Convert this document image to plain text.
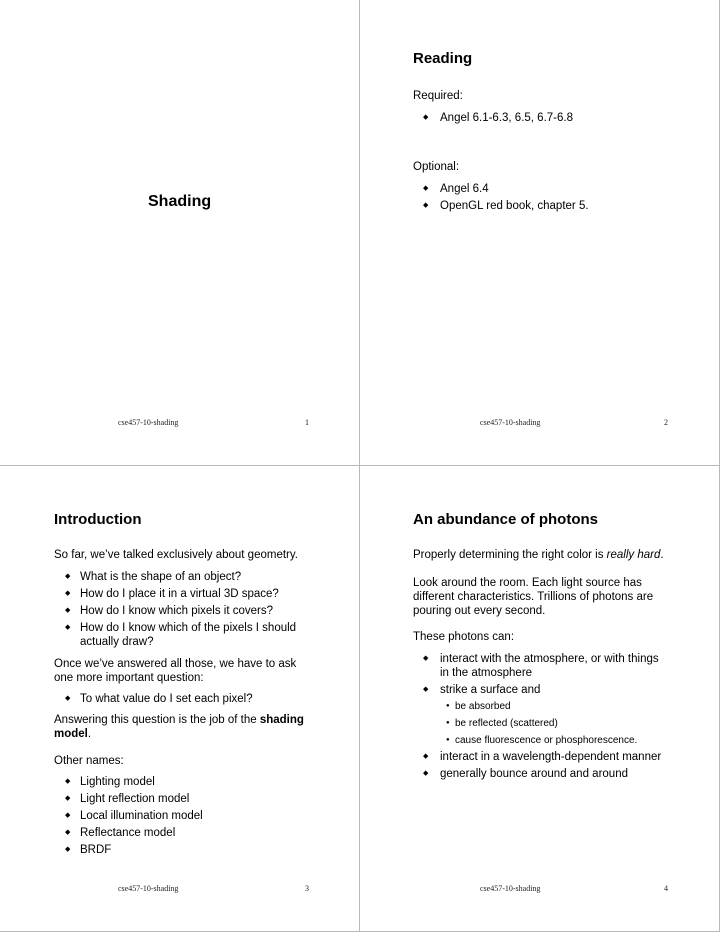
Shading
cse457-10-shading	1
Reading
Required:
◆ Angel 6.1-6.3, 6.5, 6.7-6.8
Optional:
◆ Angel 6.4
◆ OpenGL red book, chapter 5.
cse457-10-shading	2
Introduction
So far, we’ve talked exclusively about geometry.
◆ What is the shape of an object?
◆ How do I place it in a virtual 3D space?
◆ How do I know which pixels it covers?
◆ How do I know which of the pixels I should
actually draw?
Once we’ve answered all those, we have to ask
one more important question:
◆ To what value do I set each pixel?
Answering this question is the job of the shading
model.
Other names:
◆ Lighting model
◆ Light reflection model
◆ Local illumination model
◆ Reflectance model
◆ BRDF
cse457-10-shading	3
An abundance of photons
Properly determining the right color is really hard.
Look around the room. Each light source has
different characteristics. Trillions of photons are
pouring out every second.
These photons can:
◆ interact with the atmosphere, or with things
in the atmosphere
◆ strike a surface and
● be absorbed
● be reflected (scattered)
● cause fluorescence or phosphorescence.
◆ interact in a wavelength-dependent manner
◆ generally bounce around and around
cse457-10-shading	4
